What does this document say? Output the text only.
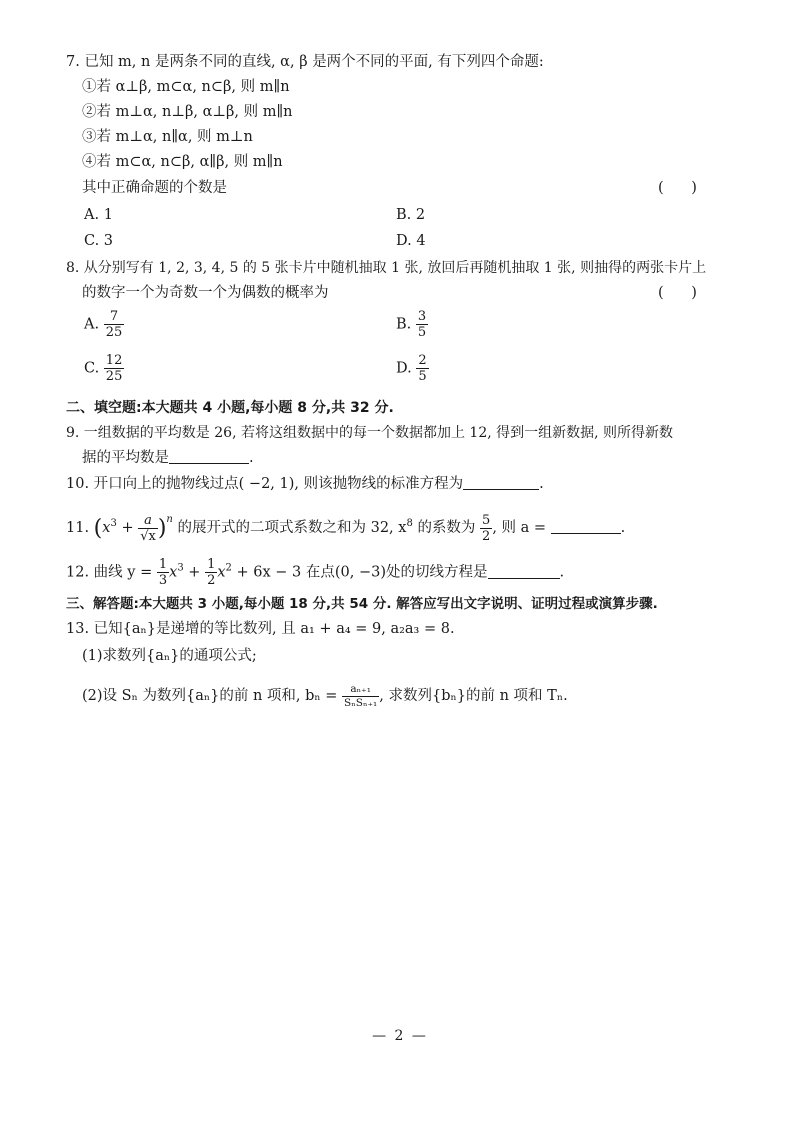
7. 已知 m, n 是两条不同的直线, α, β 是两个不同的平面, 有下列四个命题:
①若 α⊥β, m⊂α, n⊂β, 则 m∥n
②若 m⊥α, n⊥β, α⊥β, 则 m∥n
③若 m⊥α, n∥α, 则 m⊥n
④若 m⊂α, n⊂β, α∥β, 则 m∥n
其中正确命题的个数是	(      )
A. 1	B. 2
C. 3	D. 4
8. 从分别写有 1, 2, 3, 4, 5 的 5 张卡片中随机抽取 1 张, 放回后再随机抽取 1 张, 则抽得的两张卡片上
的数字一个为奇数一个为偶数的概率为	(      )
A. $\frac{7}{25}$	B. $\frac{3}{5}$
C. $\frac{12}{25}$	D. $\frac{2}{5}$
二、填空题:本大题共 4 小题,每小题 8 分,共 32 分.
9. 一组数据的平均数是 26, 若将这组数据中的每一个数据都加上 12, 得到一组新数据, 则所得新数
据的平均数是	.
10. 开口向上的抛物线过点( −2, 1), 则该抛物线的标准方程为	.
11. $(x^3 + \frac{a}{√x} )^n$ 的展开式的二项式系数之和为 32, $x^8$ 的系数为 $\frac{5}{2}$ , 则 a =	.
12. 曲线 $y = \frac{1}{3} x^3 + \frac{1}{2} x^2 + 6x - 3$ 在点(0, −3)处的切线方程是	.
三、解答题:本大题共 3 小题,每小题 18 分,共 54 分. 解答应写出文字说明、证明过程或演算步骤.
13. 已知{aₙ}是递增的等比数列, 且 a₁ + a₄ = 9, a₂a₃ = 8.
(1)求数列{aₙ}的通项公式;
(2)设 Sₙ 为数列{aₙ}的前 n 项和, $b_n = \frac{\text{aₙ₊₁}}{\text{SₙSₙ₊₁}}$ , 求数列{bₙ}的前 n 项和 Tₙ.
— 2 —
